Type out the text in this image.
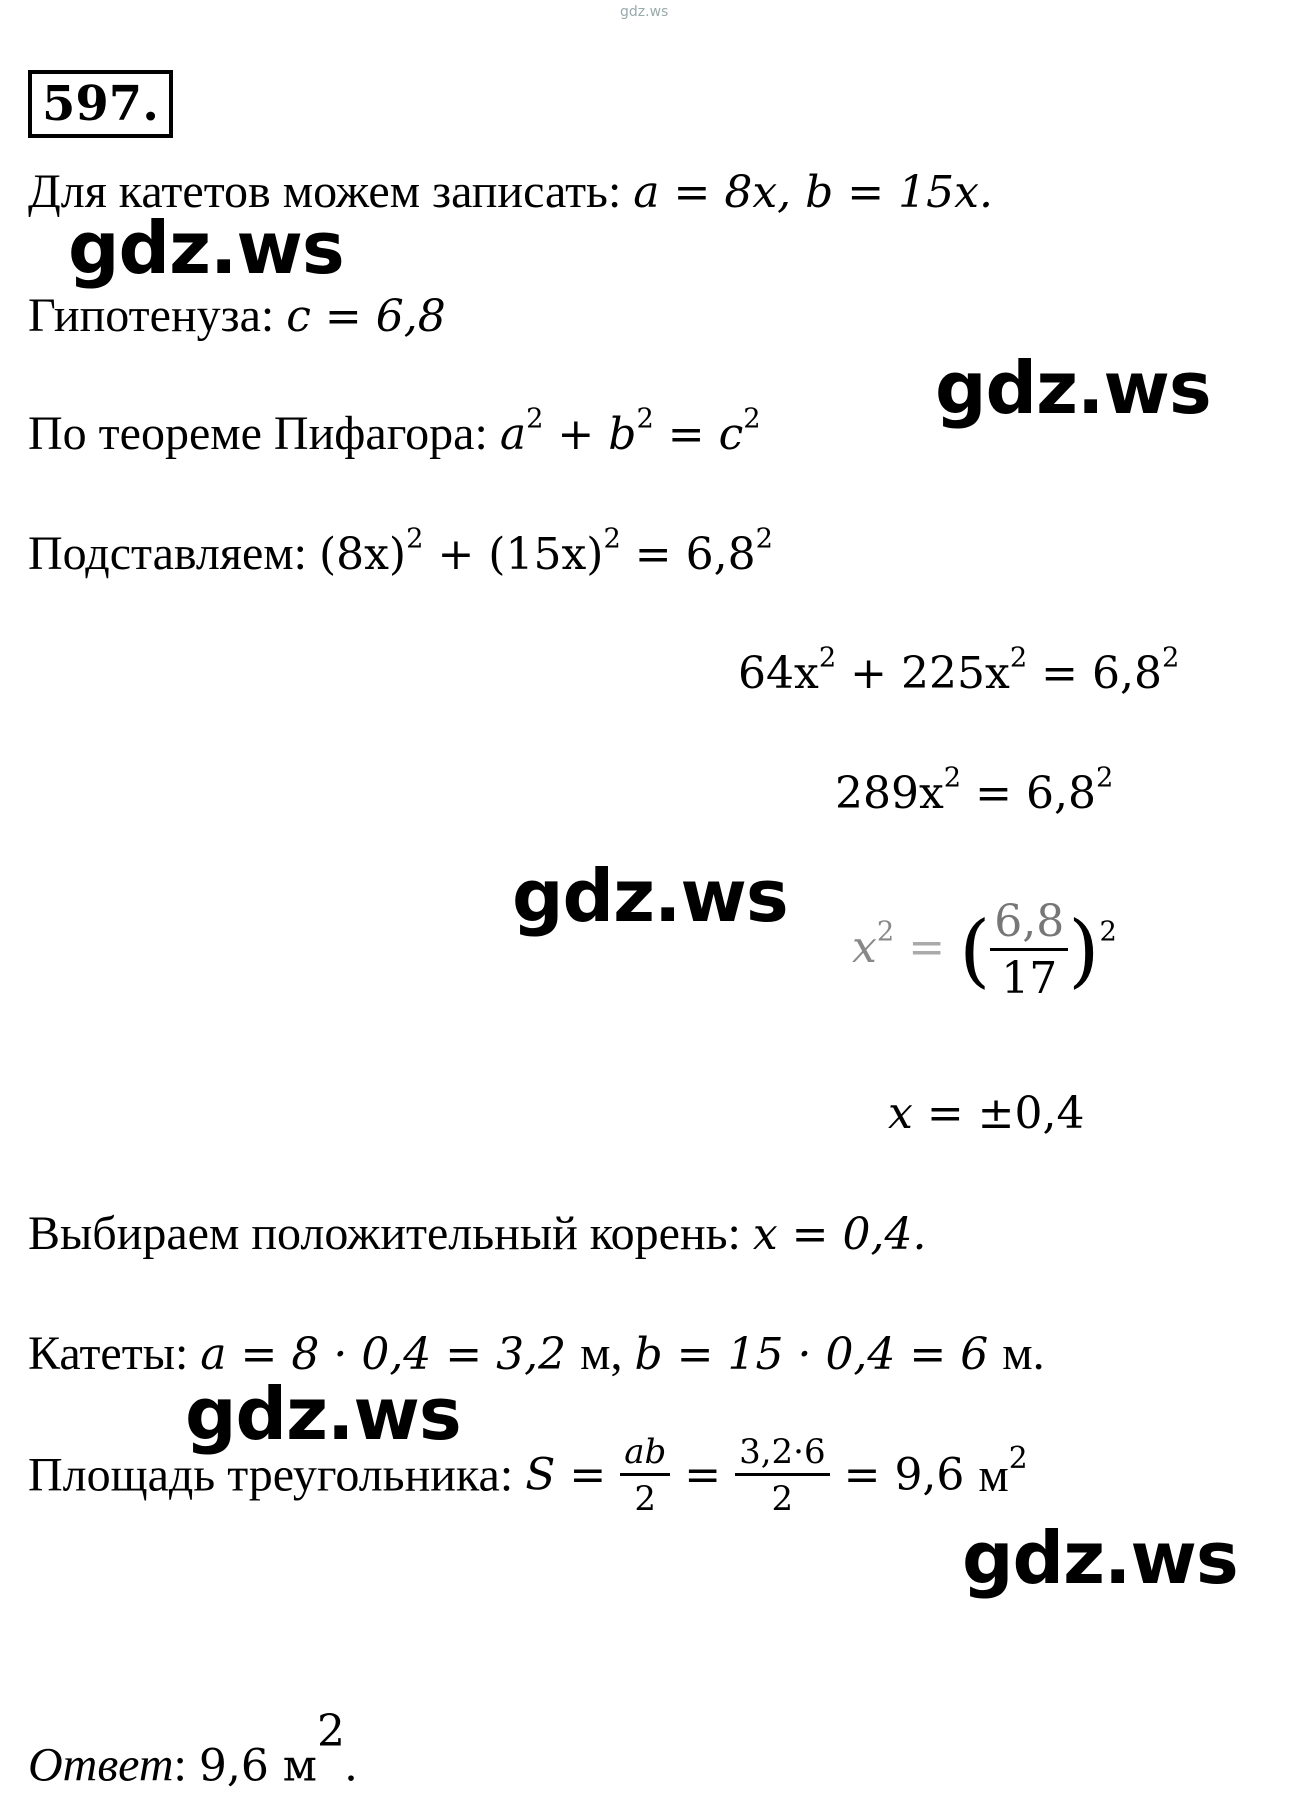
gdz.ws
597.
Для катетов можем записать: a = 8x, b = 15x.
Гипотенуза: c = 6,8
По теореме Пифагора: $a^2 + b^2 = c^2$
Подставляем: $(8x)^2 + (15x)^2 = 6,8^2$
$64x^2 + 225x^2 = 6,8^2$
$289x^2 = 6,8^2$
$x^2$ = ( $\frac{6,8}{17} )^2$
x = ±0,4
Выбираем положительный корень: x = 0,4.
Катеты: a = 8 · 0,4 = 3,2 м, b = 15 · 0,4 = 6 м.
Площадь треугольника: $S = \frac{ab}{2} = \frac{3,2\cdot 6}{2} = 9,6$ $м^2$
Ответ: 9,6 $м^2$.
gdz.ws
gdz.ws
gdz.ws
gdz.ws
gdz.ws
